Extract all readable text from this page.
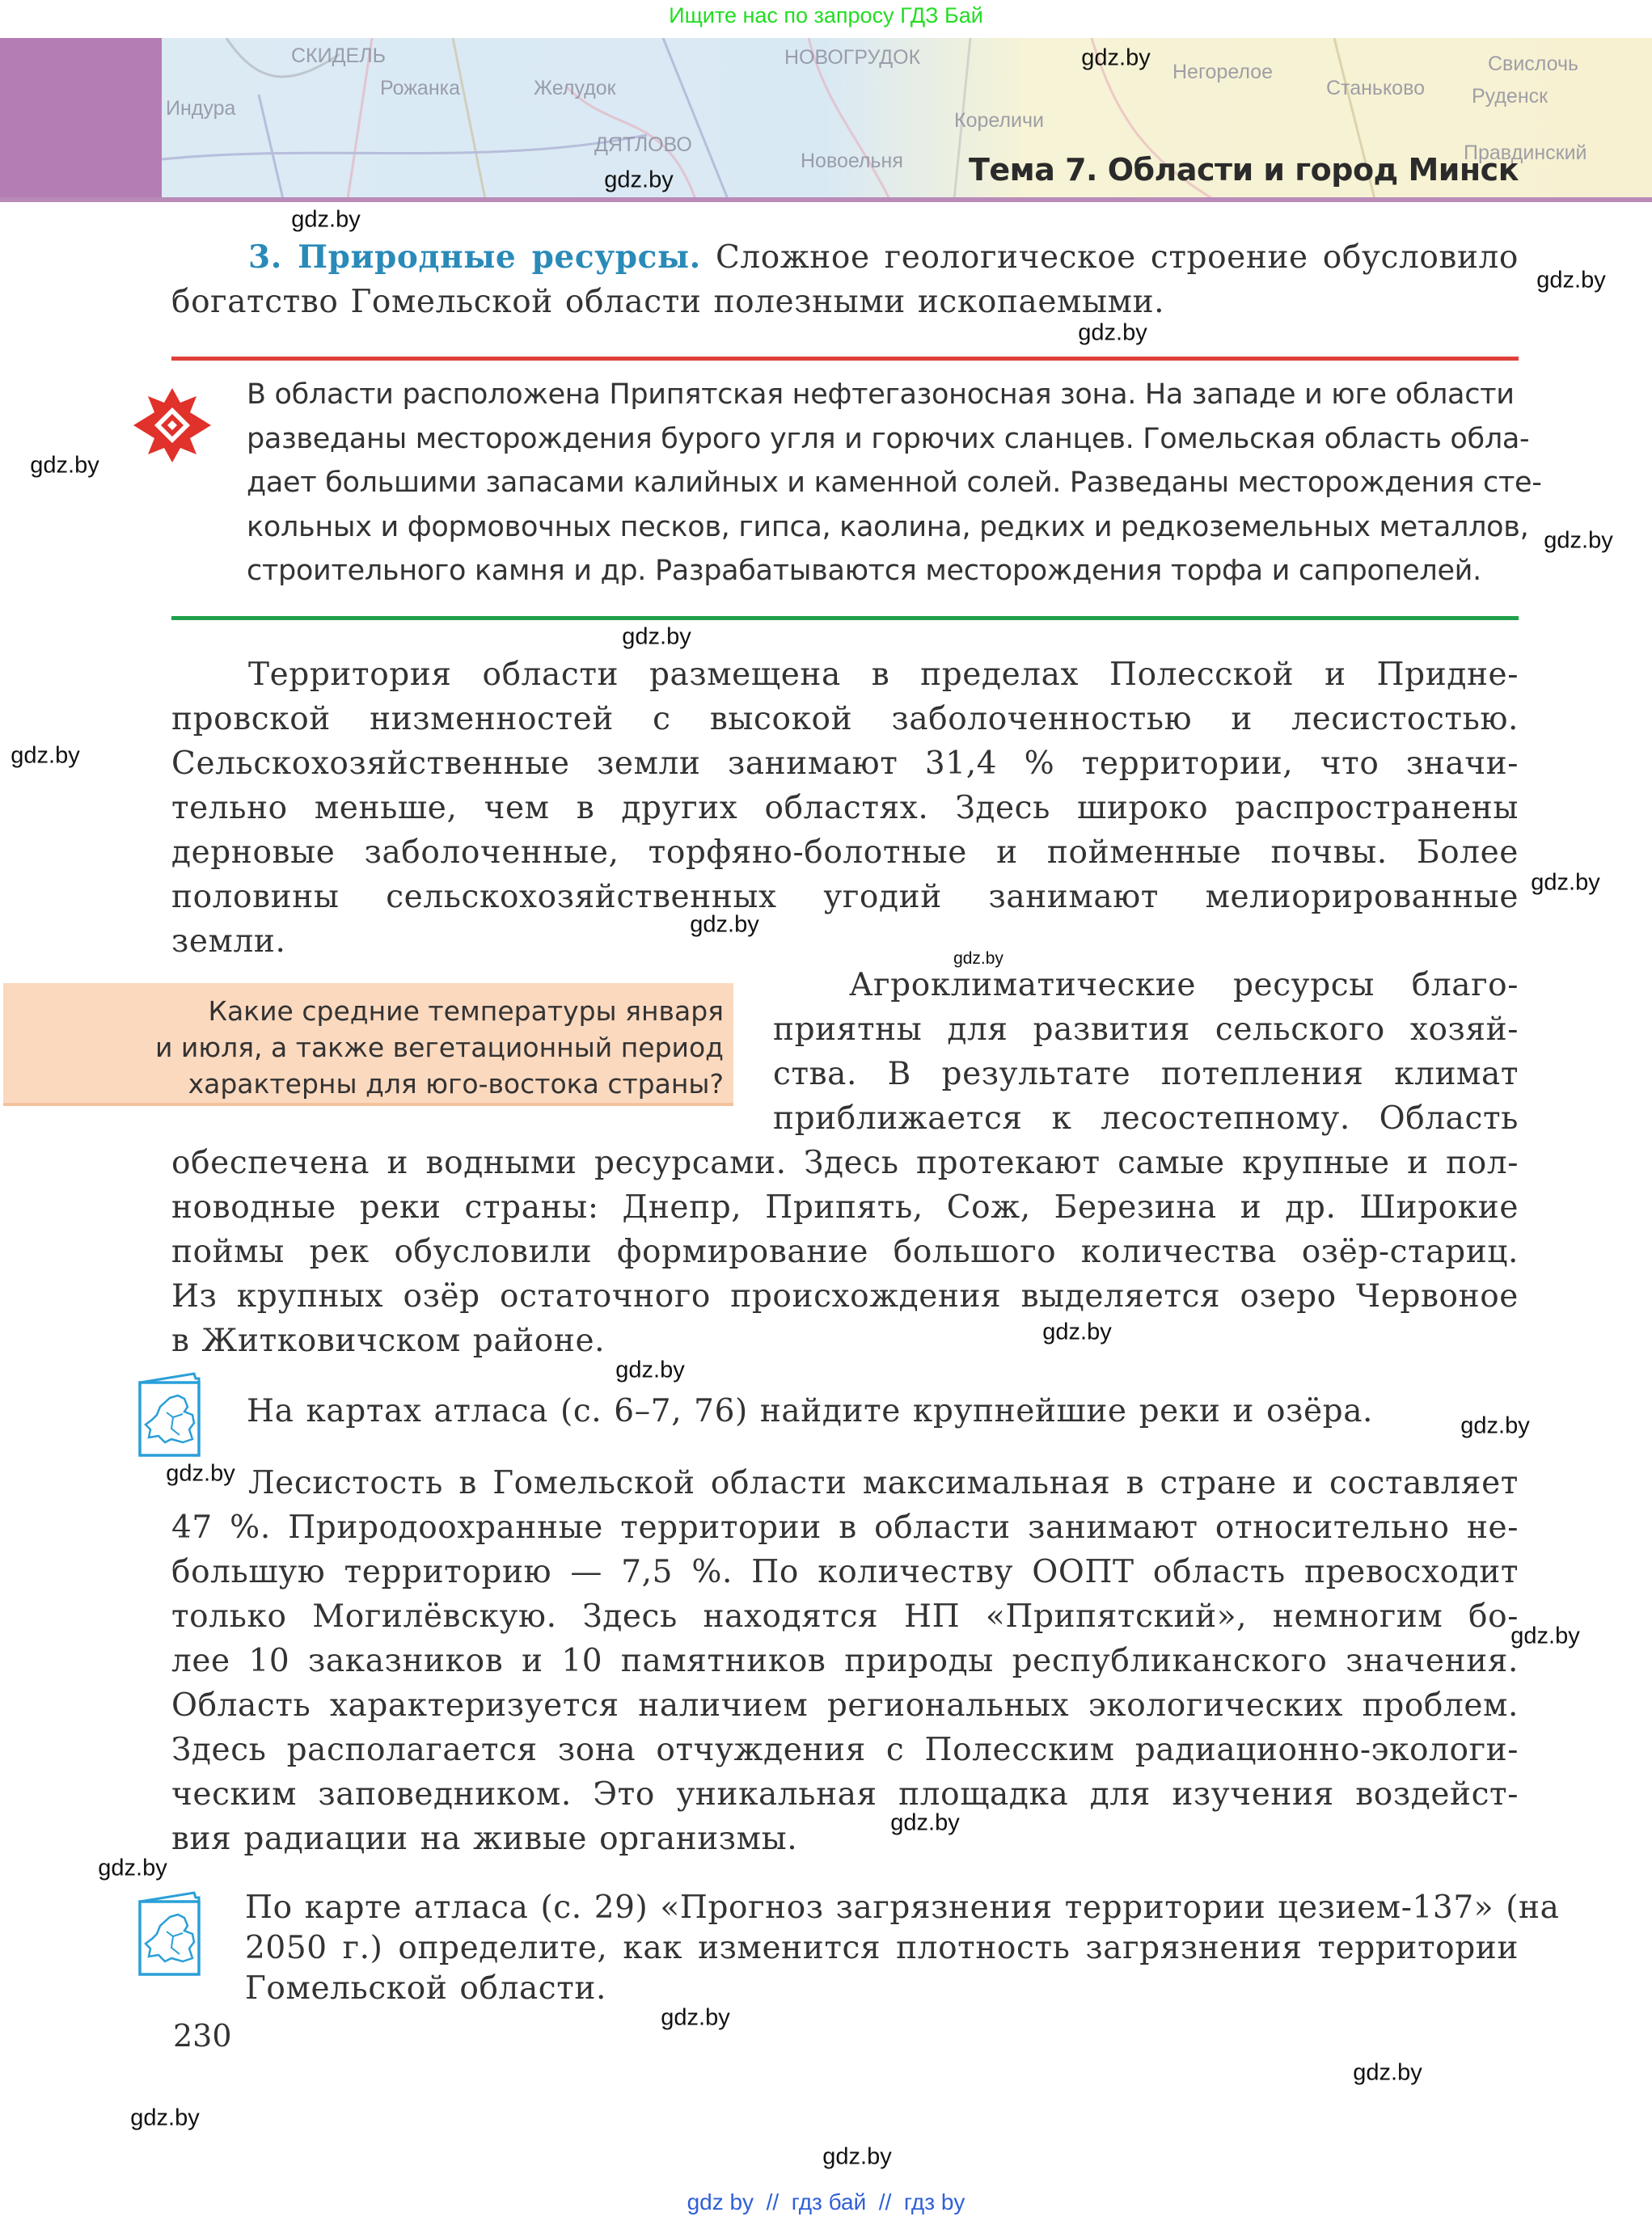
Ищите нас по запросу ГДЗ Бай
СКИДЕЛЬ
Рожанка	Желудок
Индура
НОВОГРУДОК
Кореличи
ДЯТЛОВО
Новоельня
Негорелое
Станьково Руденск
Свислочь
Правдинский
Тема 7. Области и город Минск
3. Природные ресурсы. Сложное геологическое строение обусловило
богатство Гомельской области полезными ископаемыми.
В области расположена Припятская нефтегазоносная зона. На западе и юге области
разведаны месторождения бурого угля и горючих сланцев. Гомельская область обла-
дает большими запасами калийных и каменной солей. Разведаны месторождения сте-
кольных и формовочных песков, гипса, каолина, редких и редкоземельных металлов,
строительного камня и др. Разрабатываются месторождения торфа и сапропелей.
Территория области размещена в пределах Полесской и Придне-
провской низменностей с высокой заболоченностью и лесистостью.
Сельскохозяйственные земли занимают 31,4 % территории, что значи-
тельно меньше, чем в других областях. Здесь широко распространены
дерновые заболоченные, торфяно-болотные и пойменные почвы. Более
половины сельскохозяйственных угодий занимают мелиорированные
земли.
Какие средние температуры января
и июля, а также вегетационный период
характерны для юго-востока страны?
Агроклиматические ресурсы благо-
приятны для развития сельского хозяй-
ства. В результате потепления климат
приближается к лесостепному. Область
обеспечена и водными ресурсами. Здесь протекают самые крупные и пол-
новодные реки страны: Днепр, Припять, Сож, Березина и др. Широкие
поймы рек обусловили формирование большого количества озёр-стариц.
Из крупных озёр остаточного происхождения выделяется озеро Червоное
в Житковичском районе.
На картах атласа (с. 6–7, 76) найдите крупнейшие реки и озёра.
Лесистость в Гомельской области максимальная в стране и составляет
47 %. Природоохранные территории в области занимают относительно не-
большую территорию — 7,5 %. По количеству ООПТ область превосходит
только Могилёвскую. Здесь находятся НП «Припятский», немногим бо-
лее 10 заказников и 10 памятников природы республиканского значения.
Область характеризуется наличием региональных экологических проблем.
Здесь располагается зона отчуждения с Полесским радиационно-экологи-
ческим заповедником. Это уникальная площадка для изучения воздейст-
вия радиации на живые организмы.
По карте атласа (с. 29) «Прогноз загрязнения территории цезием-137» (на
2050 г.) определите, как изменится плотность загрязнения территории
Гомельской области.
230
gdz.by
gdz.by
gdz.by
gdz.by
gdz.by
gdz.by
gdz.by
gdz.by
gdz.by
gdz.by
gdz.by
gdz.by
gdz.by
gdz.by
gdz.by
gdz.by
gdz.by
gdz.by
gdz.by
gdz.by
gdz.by
gdz.by
gdz.by
gdz by  //  гдз бай  //  гдз by
